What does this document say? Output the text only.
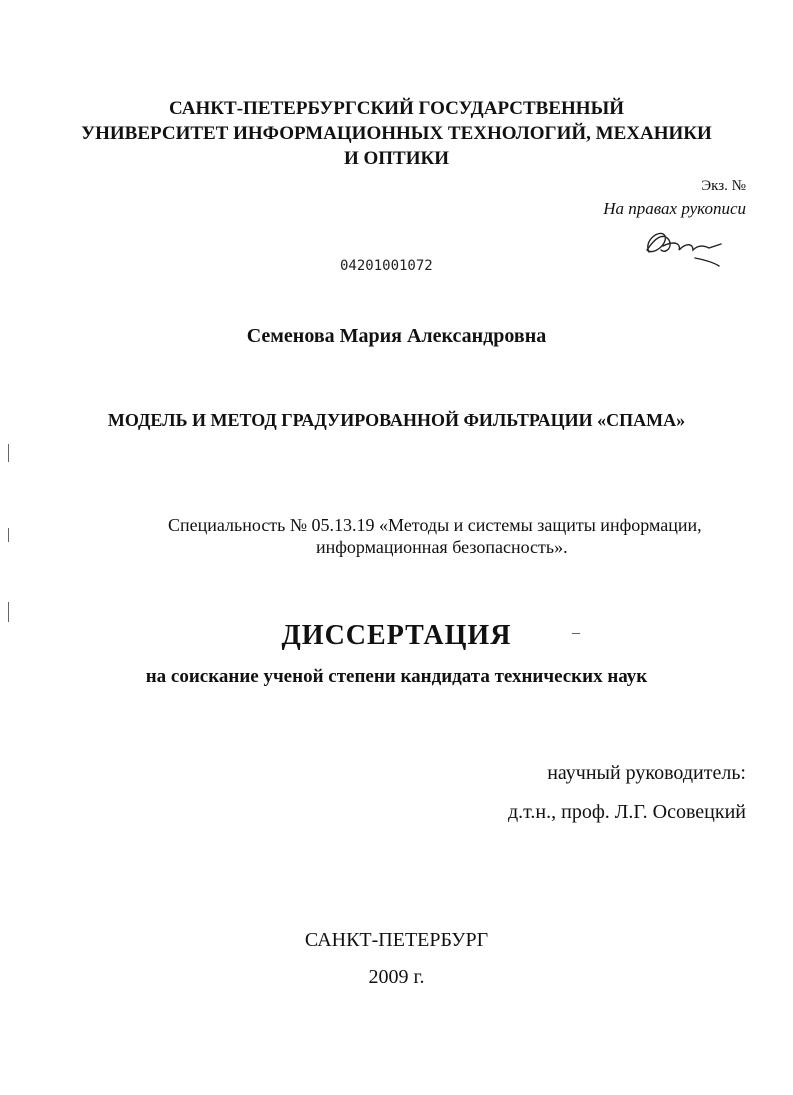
САНКТ-ПЕТЕРБУРГСКИЙ ГОСУДАРСТВЕННЫЙ
УНИВЕРСИТЕТ ИНФОРМАЦИОННЫХ ТЕХНОЛОГИЙ, МЕХАНИКИ
И ОПТИКИ
Экз. №
На правах рукописи
04201001072
Семенова Мария Александровна
МОДЕЛЬ И МЕТОД ГРАДУИРОВАННОЙ ФИЛЬТРАЦИИ «СПАМА»
Специальность № 05.13.19 «Методы и системы защиты информации,
информационная безопасность».
ДИССЕРТАЦИЯ
на соискание ученой степени кандидата технических наук
научный руководитель:
д.т.н., проф. Л.Г. Осовецкий
САНКТ-ПЕТЕРБУРГ
2009 г.
